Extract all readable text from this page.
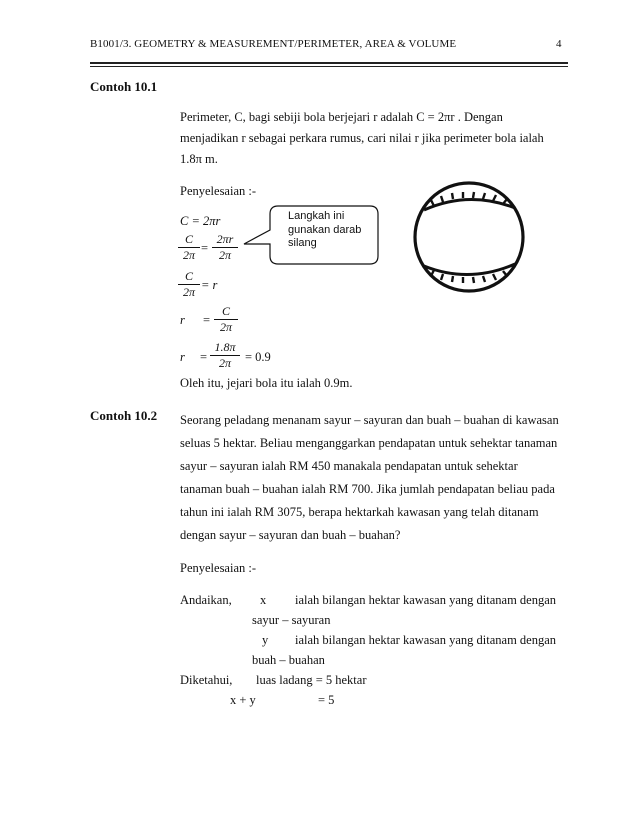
B1001/3. GEOMETRY & MEASUREMENT/PERIMETER, AREA & VOLUME	4
Contoh 10.1
Perimeter, C, bagi sebiji bola berjejari r adalah C = 2πr . Dengan
menjadikan r sebagai perkara rumus, cari nilai r jika perimeter bola ialah
1.8π m.
Penyelesaian :-
C = 2πr
C
2π =
2πr
2π
C
2π = r
r =
C
2π
r =
1.8π
2π	= 0.9
Langkah ini gunakan darab silang
Oleh itu, jejari bola itu ialah 0.9m.
Contoh 10.2 Seorang peladang menanam sayur – sayuran dan buah – buahan di kawasan
seluas 5 hektar. Beliau menganggarkan pendapatan untuk sehektar tanaman
sayur – sayuran ialah RM 450 manakala pendapatan untuk sehektar
tanaman buah – buahan ialah RM 700. Jika jumlah pendapatan beliau pada
tahun ini ialah RM 3075, berapa hektarkah kawasan yang telah ditanam
dengan sayur – sayuran dan buah – buahan?
Penyelesaian :-
Andaikan, x ialah bilangan hektar kawasan yang ditanam dengan
sayur – sayuran
y ialah bilangan hektar kawasan yang ditanam dengan
buah – buahan
Diketahui, luas ladang = 5 hektar
x + y	= 5
